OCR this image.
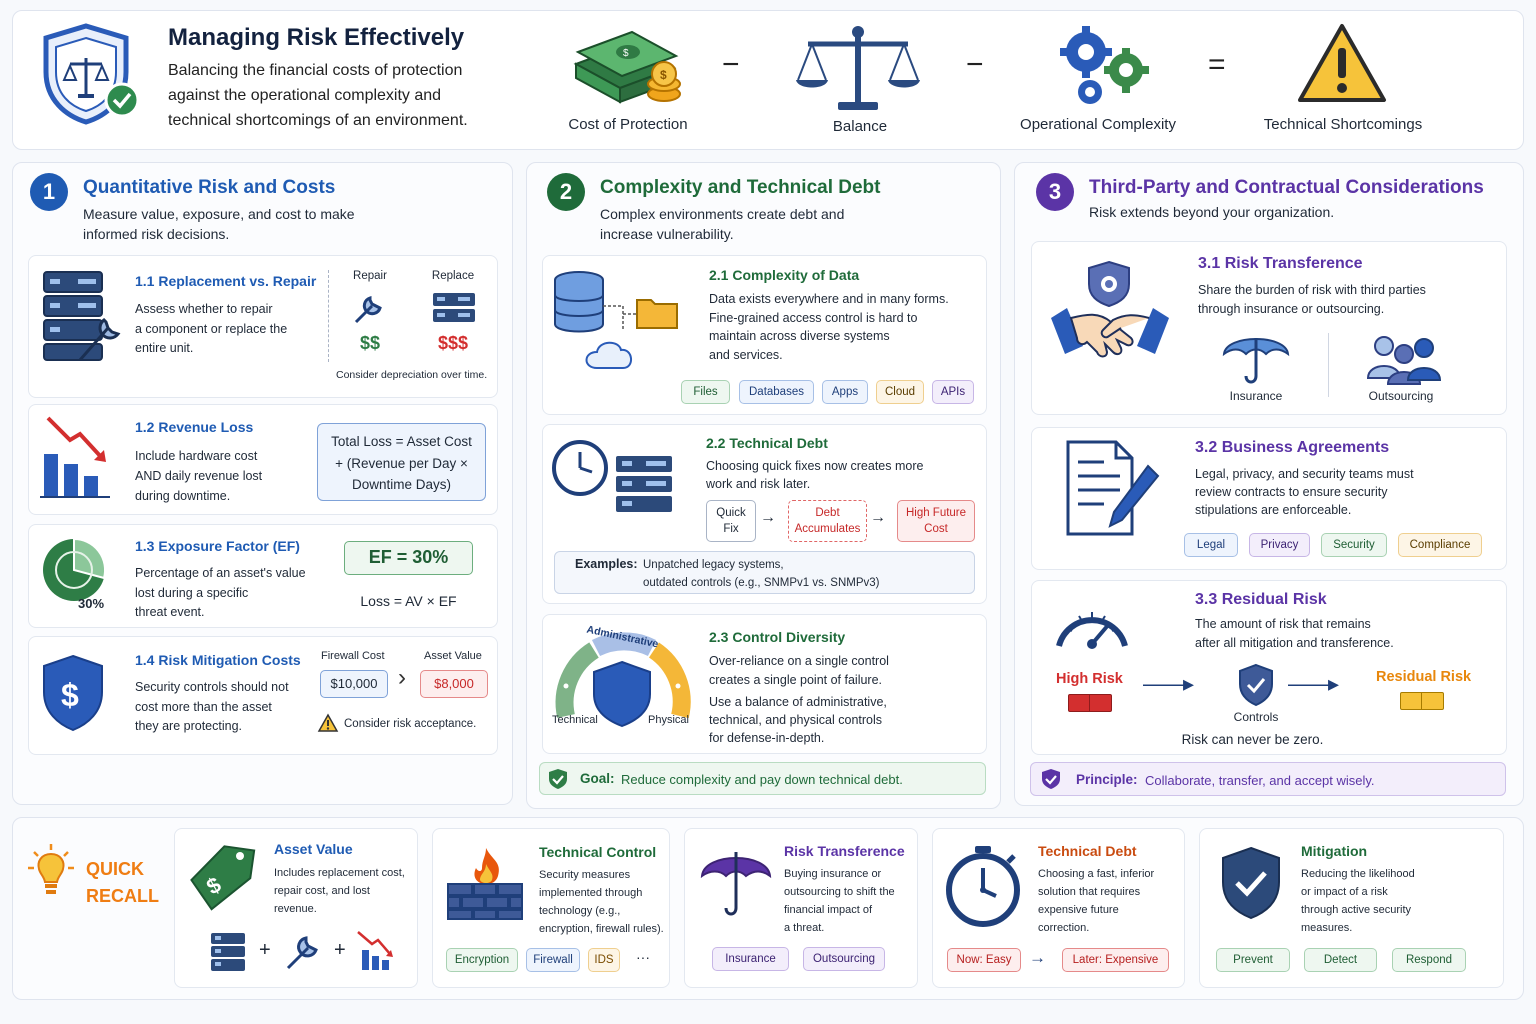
Managing Risk Effectively
Balancing the financial costs of protection
against the operational complexity and
technical shortcomings of an environment.
$
$
Cost of Protection
−
Balance
−
Operational Complexity
=
Technical Shortcomings
1	Quantitative Risk and Costs
Measure value, exposure, and cost to make
informed risk decisions.
1.1 Replacement vs. Repair
Assess whether to repair
a component or replace the
entire unit.
Repair	Replace
$$	$$$
Consider depreciation over time.
1.2 Revenue Loss
Include hardware cost
AND daily revenue lost
during downtime.
Total Loss = Asset Cost
+ (Revenue per Day ×
Downtime Days)
30%
1.3 Exposure Factor (EF)
Percentage of an asset's value
lost during a specific
threat event.
EF = 30%
Loss = AV × EF
$
1.4 Risk Mitigation Costs
Security controls should not
cost more than the asset
they are protecting.
Firewall Cost
$10,000 ›
Asset Value
$8,000
Consider risk acceptance.
2	Complexity and Technical Debt
Complex environments create debt and
increase vulnerability.
2.1 Complexity of Data
Data exists everywhere and in many forms.
Fine-grained access control is hard to
maintain across diverse systems
and services.
Files	Databases	Apps	Cloud	APIs
2.2 Technical Debt
Choosing quick fixes now creates more
work and risk later.
Quick
Fix
→	Debt
Accumulates
→	High Future
Cost
Examples: Unpatched legacy systems,
outdated controls (e.g., SNMPv1 vs. SNMPv3)
Administrative
Technical	Physical
2.3 Control Diversity
Over-reliance on a single control
creates a single point of failure.
Use a balance of administrative,
technical, and physical controls
for defense-in-depth.
Goal: Reduce complexity and pay down technical debt.
3	Third-Party and Contractual Considerations
Risk extends beyond your organization.
3.1 Risk Transference
Share the burden of risk with third parties
through insurance or outsourcing.
Insurance	Outsourcing
3.2 Business Agreements
Legal, privacy, and security teams must
review contracts to ensure security
stipulations are enforceable.
Legal	Privacy	Security	Compliance
3.3 Residual Risk
The amount of risk that remains
after all mitigation and transference.
High Risk ——▸
Controls
——▸	Residual Risk
Risk can never be zero.
Principle: Collaborate, transfer, and accept wisely.
QUICK
RECALL $
Asset Value
Includes replacement cost,
repair cost, and lost
revenue.
+	+
Technical Control
Security measures
implemented through
technology (e.g.,
encryption, firewall rules).
Encryption	Firewall	IDS	···
Risk Transference
Buying insurance or
outsourcing to shift the
financial impact of
a threat.
Insurance	Outsourcing
Technical Debt
Choosing a fast, inferior
solution that requires
expensive future
correction.
Now: Easy	→	Later: Expensive
Mitigation
Reducing the likelihood
or impact of a risk
through active security
measures.
Prevent	Detect	Respond
